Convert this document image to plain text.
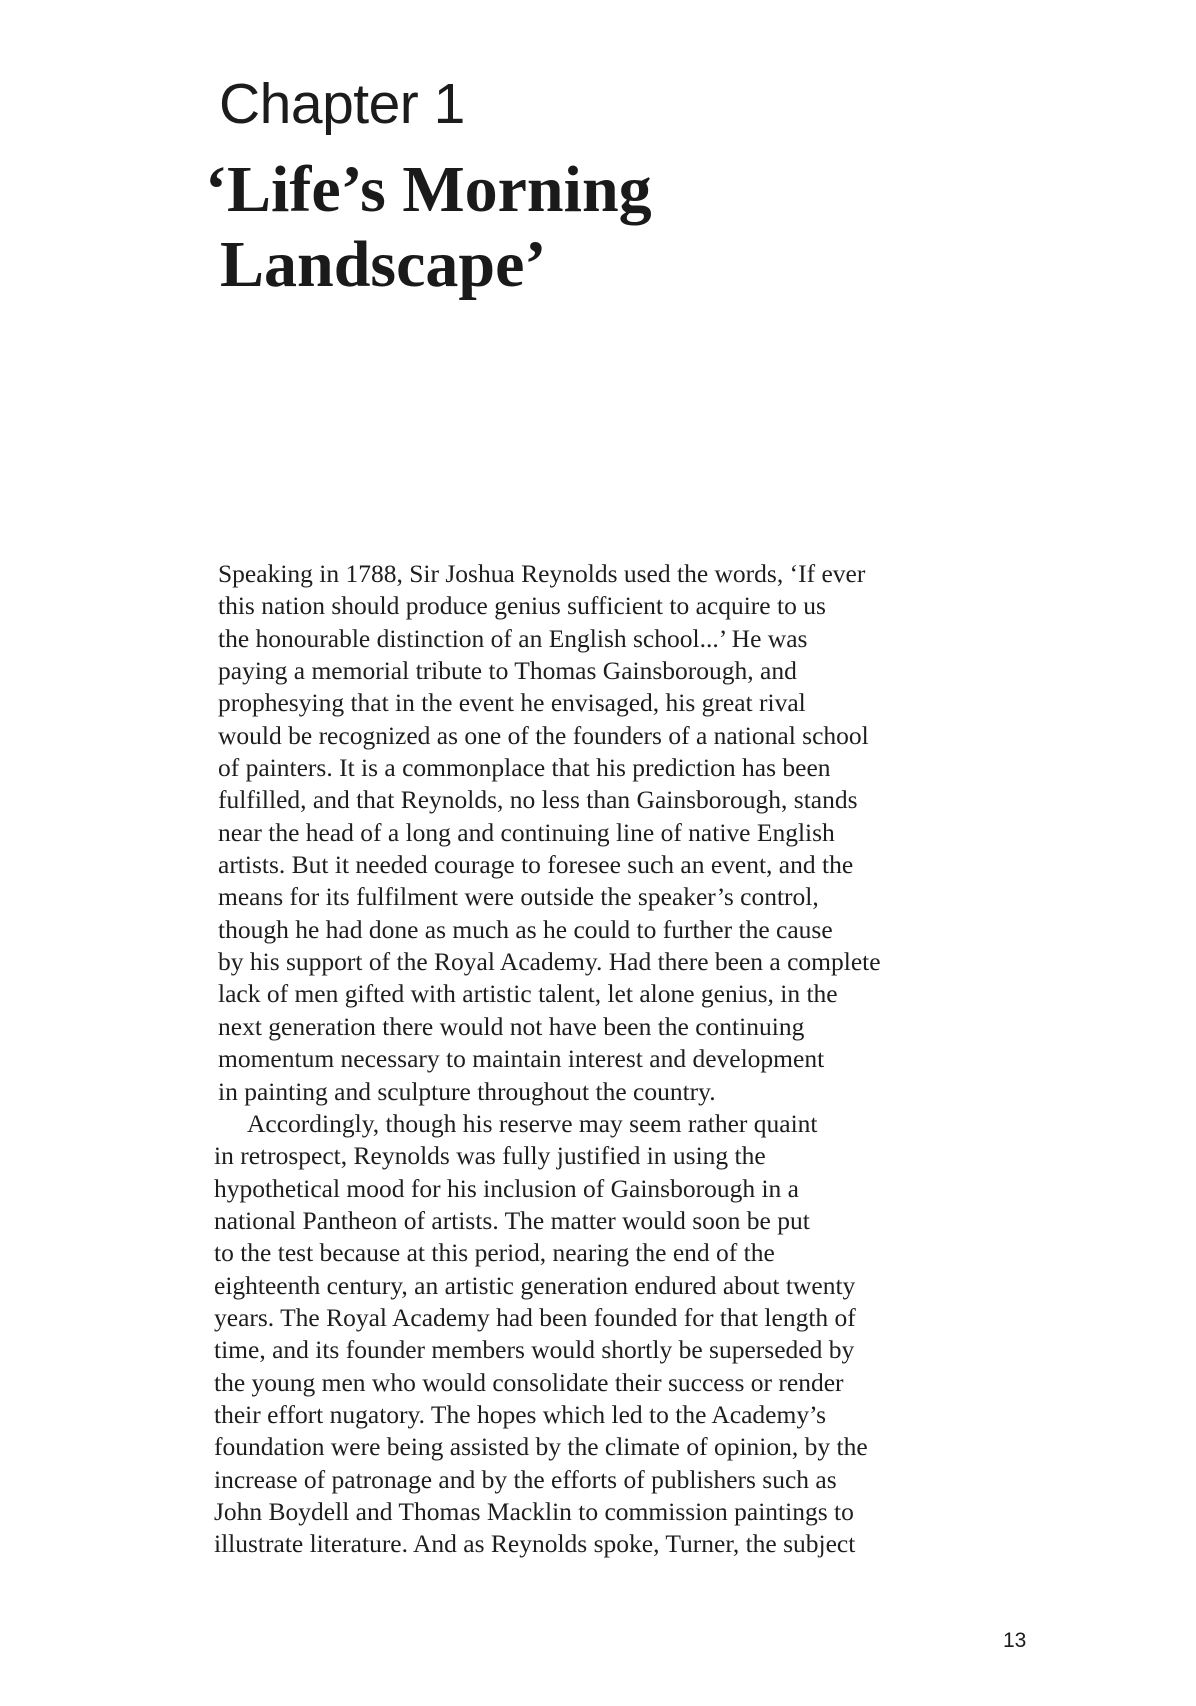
Chapter 1
‘Life’s Morning
Landscape’

Speaking in 1788, Sir Joshua Reynolds used the words, ‘If ever
this nation should produce genius sufficient to acquire to us
the honourable distinction of an English school...’ He was
paying a memorial tribute to Thomas Gainsborough, and
prophesying that in the event he envisaged, his great rival
would be recognized as one of the founders of a national school
of painters. It is a commonplace that his prediction has been
fulfilled, and that Reynolds, no less than Gainsborough, stands
near the head of a long and continuing line of native English
artists. But it needed courage to foresee such an event, and the
means for its fulfilment were outside the speaker’s control,
though he had done as much as he could to further the cause
by his support of the Royal Academy. Had there been a complete
lack of men gifted with artistic talent, let alone genius, in the
next generation there would not have been the continuing
momentum necessary to maintain interest and development
in painting and sculpture throughout the country.

Accordingly, though his reserve may seem rather quaint
in retrospect, Reynolds was fully justified in using the
hypothetical mood for his inclusion of Gainsborough in a
national Pantheon of artists. The matter would soon be put
to the test because at this period, nearing the end of the
eighteenth century, an artistic generation endured about twenty
years. The Royal Academy had been founded for that length of
time, and its founder members would shortly be superseded by
the young men who would consolidate their success or render
their effort nugatory. The hopes which led to the Academy’s
foundation were being assisted by the climate of opinion, by the
increase of patronage and by the efforts of publishers such as
John Boydell and Thomas Macklin to commission paintings to
illustrate literature. And as Reynolds spoke, Turner, the subject

13
